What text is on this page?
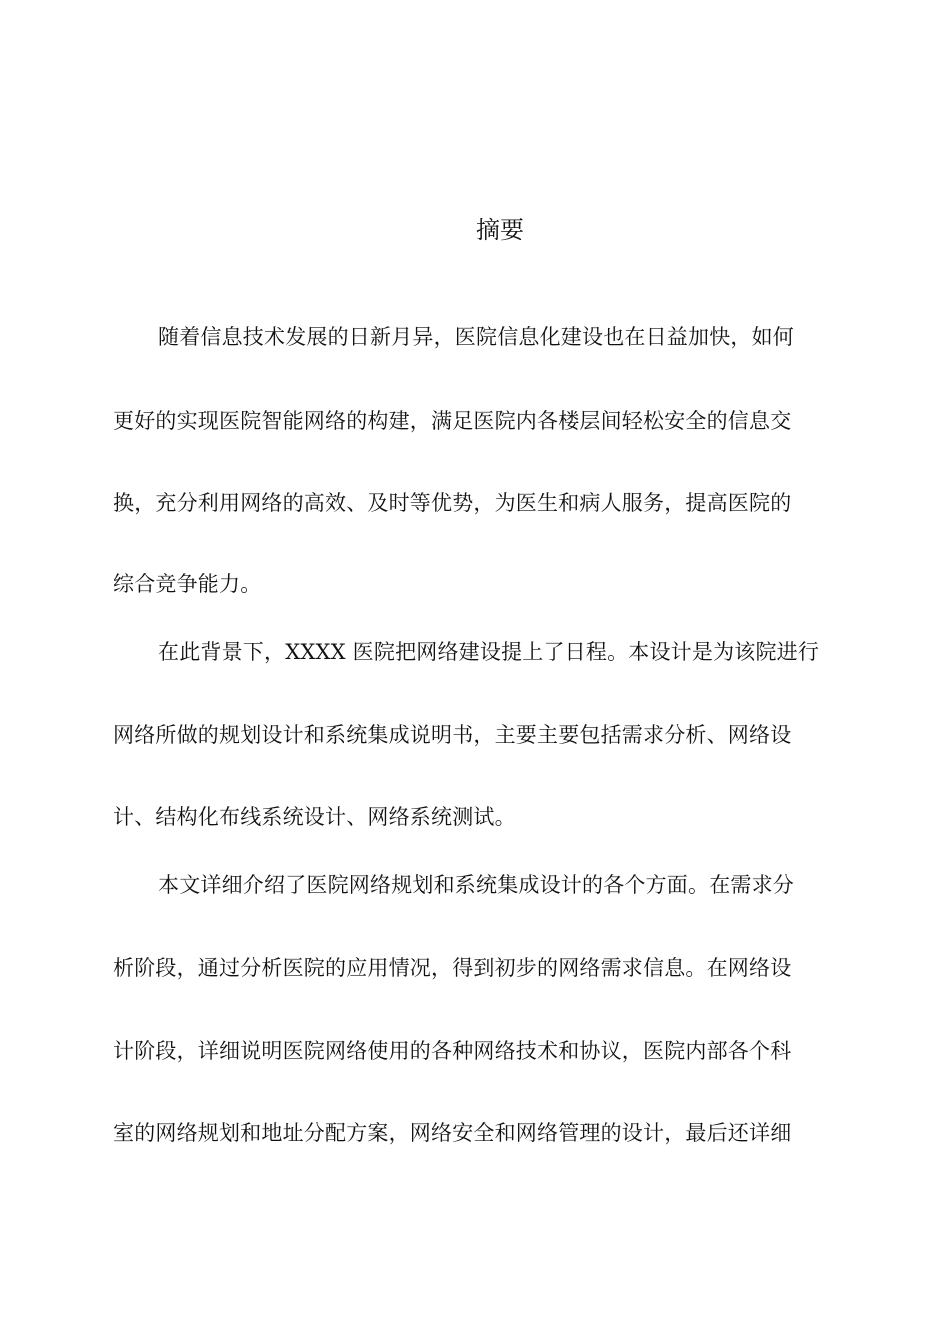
摘要
随着信息技术发展的日新月异，医院信息化建设也在日益加快，如何
更好的实现医院智能网络的构建，满足医院内各楼层间轻松安全的信息交
换，充分利用网络的高效、及时等优势，为医生和病人服务，提高医院的
综合竞争能力。
在此背景下，XXXX 医院把网络建设提上了日程。本设计是为该院进行
网络所做的规划设计和系统集成说明书，主要主要包括需求分析、网络设
计、结构化布线系统设计、网络系统测试。
本文详细介绍了医院网络规划和系统集成设计的各个方面。在需求分
析阶段，通过分析医院的应用情况，得到初步的网络需求信息。在网络设
计阶段，详细说明医院网络使用的各种网络技术和协议，医院内部各个科
室的网络规划和地址分配方案，网络安全和网络管理的设计，最后还详细
